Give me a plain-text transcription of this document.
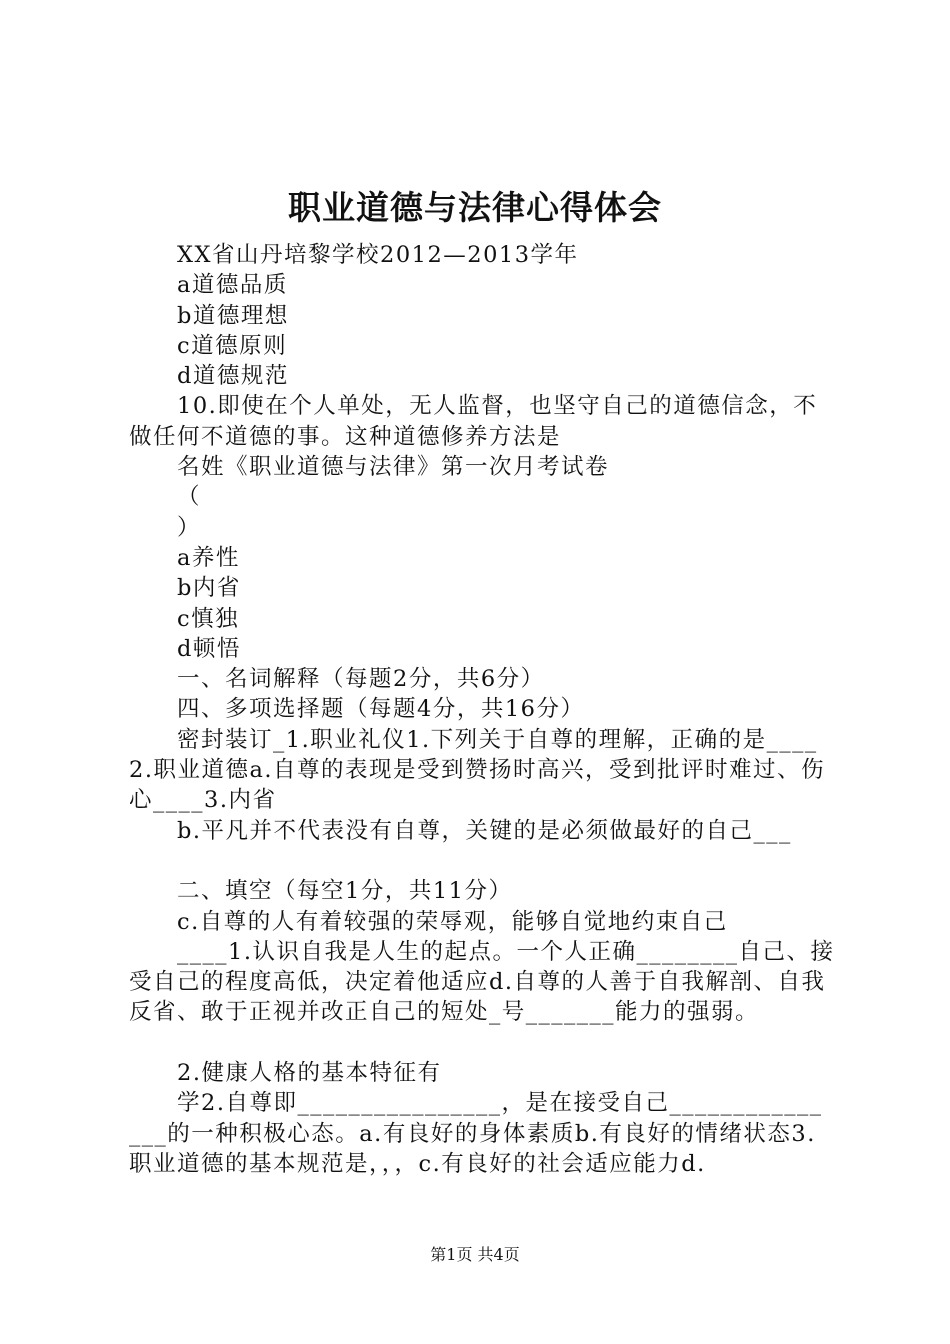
职业道德与法律心得体会

XX省山丹培黎学校2012—2013学年

a道德品质

b道德理想

c道德原则

d道德规范

10.即使在个人单处，无人监督，也坚守自己的道德信念，不做任何不道德的事。这种道德修养方法是

名姓《职业道德与法律》第一次月考试卷

（

）

a养性

b内省

c慎独

d顿悟

一、名词解释（每题2分，共6分）

四、多项选择题（每题4分，共16分）

密封装订_1.职业礼仪1.下列关于自尊的理解，正确的是____2.职业道德a.自尊的表现是受到赞扬时高兴，受到批评时难过、伤心____3.内省

b.平凡并不代表没有自尊，关键的是必须做最好的自己___

二、填空（每空1分，共11分）

c.自尊的人有着较强的荣辱观，能够自觉地约束自己

____1.认识自我是人生的起点。一个人正确________自己、接受自己的程度高低，决定着他适应d.自尊的人善于自我解剖、自我反省、敢于正视并改正自己的短处_号_______能力的强弱。

2.健康人格的基本特征有

学2.自尊即________________，是在接受自己_______________的一种积极心态。a.有良好的身体素质b.有良好的情绪状态3.职业道德的基本规范是，，，c.有良好的社会适应能力d.

第1页 共4页
